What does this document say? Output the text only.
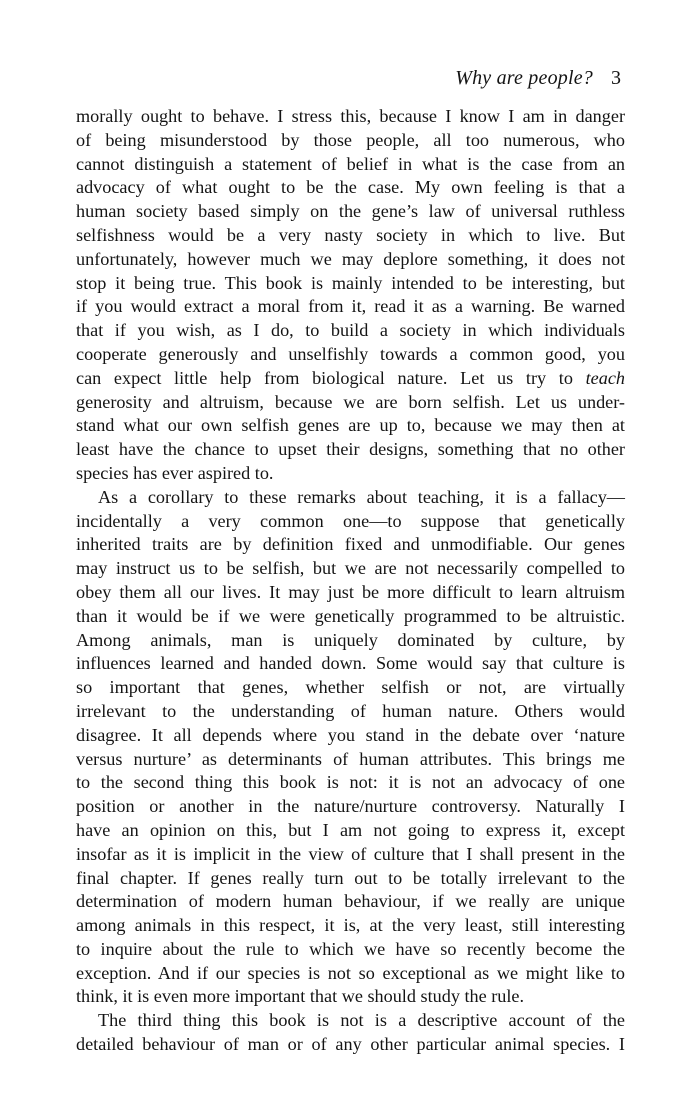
Why are people? 3
morally ought to behave. I stress this, because I know I am in danger
of being misunderstood by those people, all too numerous, who
cannot distinguish a statement of belief in what is the case from an
advocacy of what ought to be the case. My own feeling is that a
human society based simply on the gene’s law of universal ruthless
selfishness would be a very nasty society in which to live. But
unfortunately, however much we may deplore something, it does not
stop it being true. This book is mainly intended to be interesting, but
if you would extract a moral from it, read it as a warning. Be warned
that if you wish, as I do, to build a society in which individuals
cooperate generously and unselfishly towards a common good, you
can expect little help from biological nature. Let us try to teach
generosity and altruism, because we are born selfish. Let us under-
stand what our own selfish genes are up to, because we may then at
least have the chance to upset their designs, something that no other
species has ever aspired to.
As a corollary to these remarks about teaching, it is a fallacy—
incidentally a very common one—to suppose that genetically
inherited traits are by definition fixed and unmodifiable. Our genes
may instruct us to be selfish, but we are not necessarily compelled to
obey them all our lives. It may just be more difficult to learn altruism
than it would be if we were genetically programmed to be altruistic.
Among animals, man is uniquely dominated by culture, by
influences learned and handed down. Some would say that culture is
so important that genes, whether selfish or not, are virtually
irrelevant to the understanding of human nature. Others would
disagree. It all depends where you stand in the debate over ‘nature
versus nurture’ as determinants of human attributes. This brings me
to the second thing this book is not: it is not an advocacy of one
position or another in the nature/nurture controversy. Naturally I
have an opinion on this, but I am not going to express it, except
insofar as it is implicit in the view of culture that I shall present in the
final chapter. If genes really turn out to be totally irrelevant to the
determination of modern human behaviour, if we really are unique
among animals in this respect, it is, at the very least, still interesting
to inquire about the rule to which we have so recently become the
exception. And if our species is not so exceptional as we might like to
think, it is even more important that we should study the rule.
The third thing this book is not is a descriptive account of the
detailed behaviour of man or of any other particular animal species. I
